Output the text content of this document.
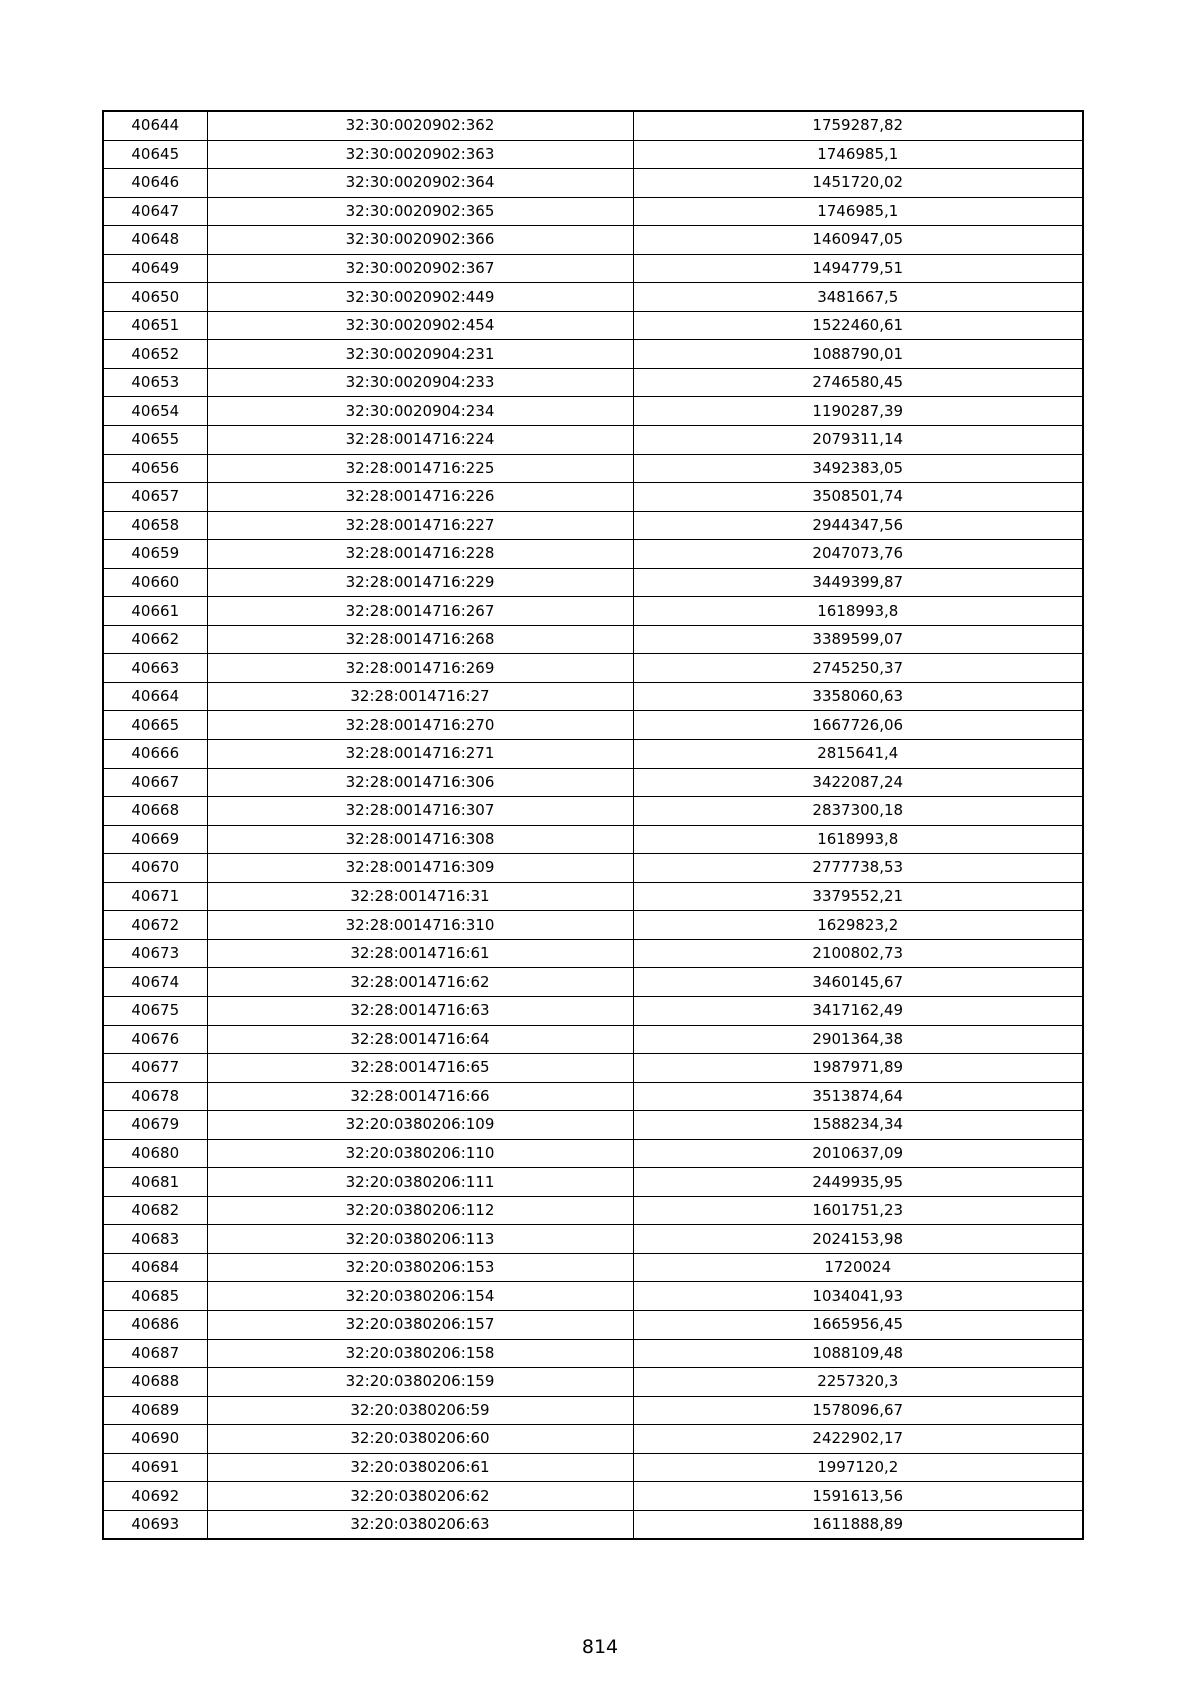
40644	32:30:0020902:362	1759287,82
40645	32:30:0020902:363	1746985,1
40646	32:30:0020902:364	1451720,02
40647	32:30:0020902:365	1746985,1
40648	32:30:0020902:366	1460947,05
40649	32:30:0020902:367	1494779,51
40650	32:30:0020902:449	3481667,5
40651	32:30:0020902:454	1522460,61
40652	32:30:0020904:231	1088790,01
40653	32:30:0020904:233	2746580,45
40654	32:30:0020904:234	1190287,39
40655	32:28:0014716:224	2079311,14
40656	32:28:0014716:225	3492383,05
40657	32:28:0014716:226	3508501,74
40658	32:28:0014716:227	2944347,56
40659	32:28:0014716:228	2047073,76
40660	32:28:0014716:229	3449399,87
40661	32:28:0014716:267	1618993,8
40662	32:28:0014716:268	3389599,07
40663	32:28:0014716:269	2745250,37
40664	32:28:0014716:27	3358060,63
40665	32:28:0014716:270	1667726,06
40666	32:28:0014716:271	2815641,4
40667	32:28:0014716:306	3422087,24
40668	32:28:0014716:307	2837300,18
40669	32:28:0014716:308	1618993,8
40670	32:28:0014716:309	2777738,53
40671	32:28:0014716:31	3379552,21
40672	32:28:0014716:310	1629823,2
40673	32:28:0014716:61	2100802,73
40674	32:28:0014716:62	3460145,67
40675	32:28:0014716:63	3417162,49
40676	32:28:0014716:64	2901364,38
40677	32:28:0014716:65	1987971,89
40678	32:28:0014716:66	3513874,64
40679	32:20:0380206:109	1588234,34
40680	32:20:0380206:110	2010637,09
40681	32:20:0380206:111	2449935,95
40682	32:20:0380206:112	1601751,23
40683	32:20:0380206:113	2024153,98
40684	32:20:0380206:153	1720024
40685	32:20:0380206:154	1034041,93
40686	32:20:0380206:157	1665956,45
40687	32:20:0380206:158	1088109,48
40688	32:20:0380206:159	2257320,3
40689	32:20:0380206:59	1578096,67
40690	32:20:0380206:60	2422902,17
40691	32:20:0380206:61	1997120,2
40692	32:20:0380206:62	1591613,56
40693	32:20:0380206:63	1611888,89
814
